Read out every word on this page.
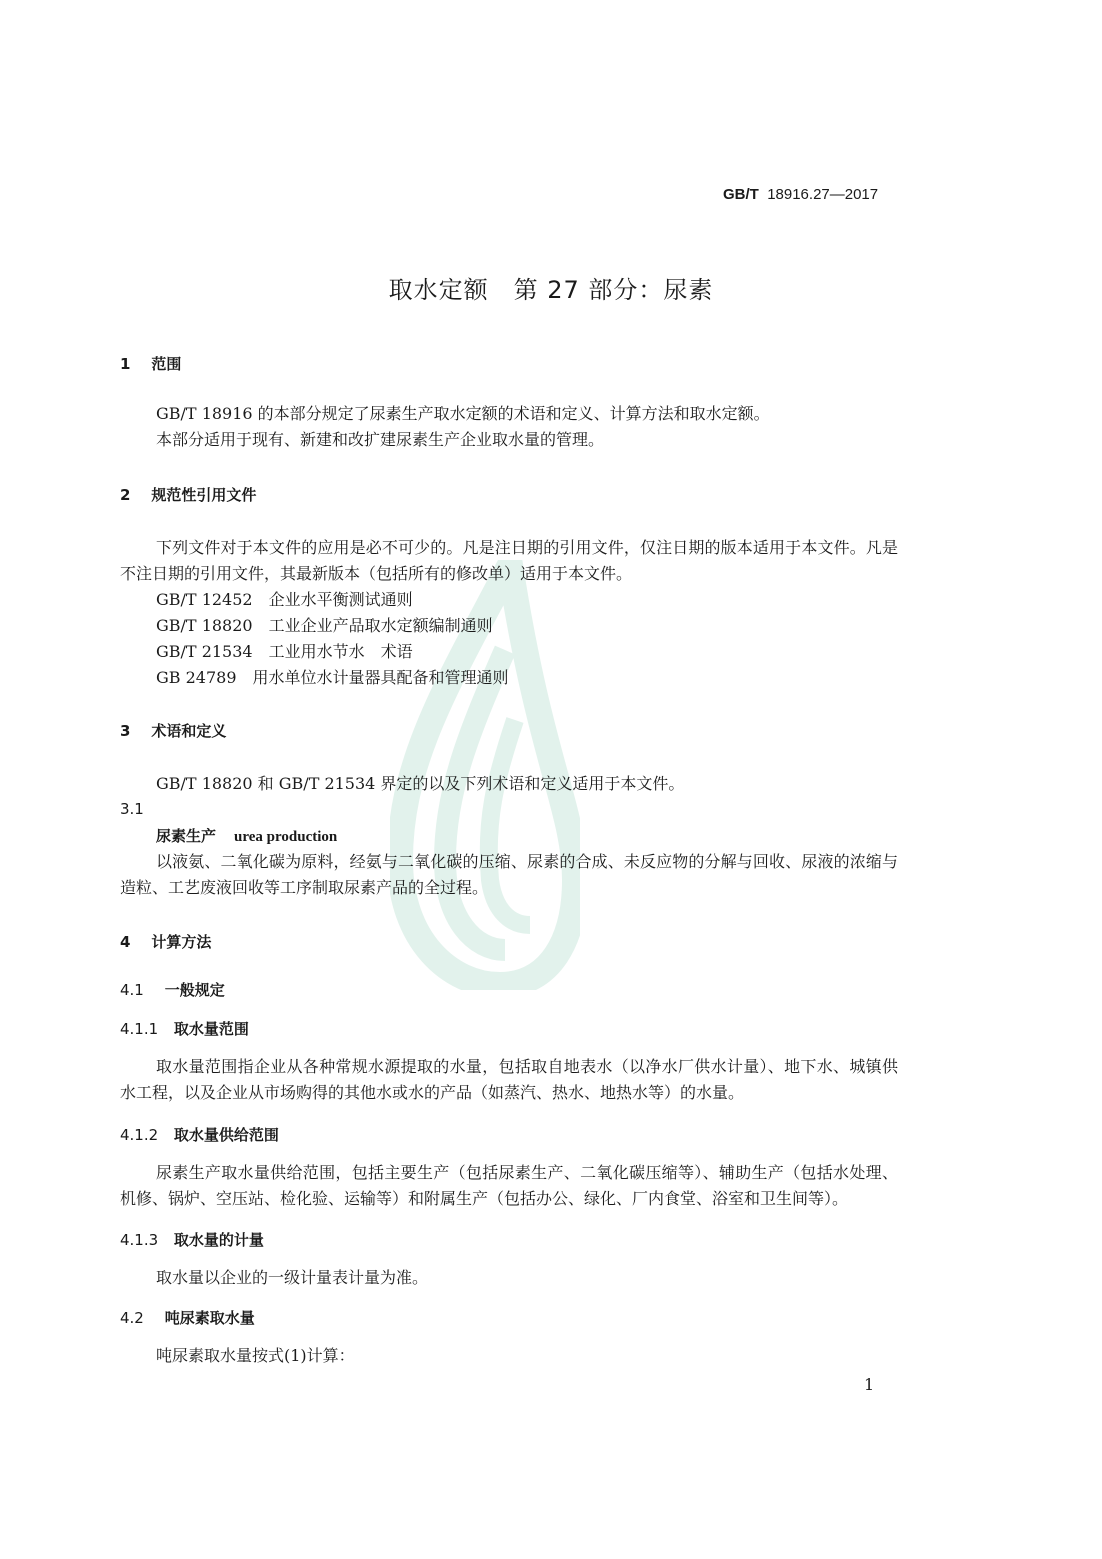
GB/T 18916.27—2017
取水定额　第 27 部分：尿素
1 范围
GB/T 18916 的本部分规定了尿素生产取水定额的术语和定义、计算方法和取水定额。
本部分适用于现有、新建和改扩建尿素生产企业取水量的管理。
2 规范性引用文件
下列文件对于本文件的应用是必不可少的。凡是注日期的引用文件，仅注日期的版本适用于本文件。凡是不注日期的引用文件，其最新版本（包括所有的修改单）适用于本文件。
GB/T 12452　企业水平衡测试通则
GB/T 18820　工业企业产品取水定额编制通则
GB/T 21534　工业用水节水　术语
GB 24789　用水单位水计量器具配备和管理通则
3 术语和定义
GB/T 18820 和 GB/T 21534 界定的以及下列术语和定义适用于本文件。
3.1
尿素生产 urea production
以液氨、二氧化碳为原料，经氨与二氧化碳的压缩、尿素的合成、未反应物的分解与回收、尿液的浓缩与造粒、工艺废液回收等工序制取尿素产品的全过程。
4 计算方法
4.1 一般规定
4.1.1 取水量范围
取水量范围指企业从各种常规水源提取的水量，包括取自地表水（以净水厂供水计量）、地下水、城镇供水工程，以及企业从市场购得的其他水或水的产品（如蒸汽、热水、地热水等）的水量。
4.1.2 取水量供给范围
尿素生产取水量供给范围，包括主要生产（包括尿素生产、二氧化碳压缩等）、辅助生产（包括水处理、机修、锅炉、空压站、检化验、运输等）和附属生产（包括办公、绿化、厂内食堂、浴室和卫生间等）。
4.1.3 取水量的计量
取水量以企业的一级计量表计量为准。
4.2 吨尿素取水量
吨尿素取水量按式(1)计算：
1
